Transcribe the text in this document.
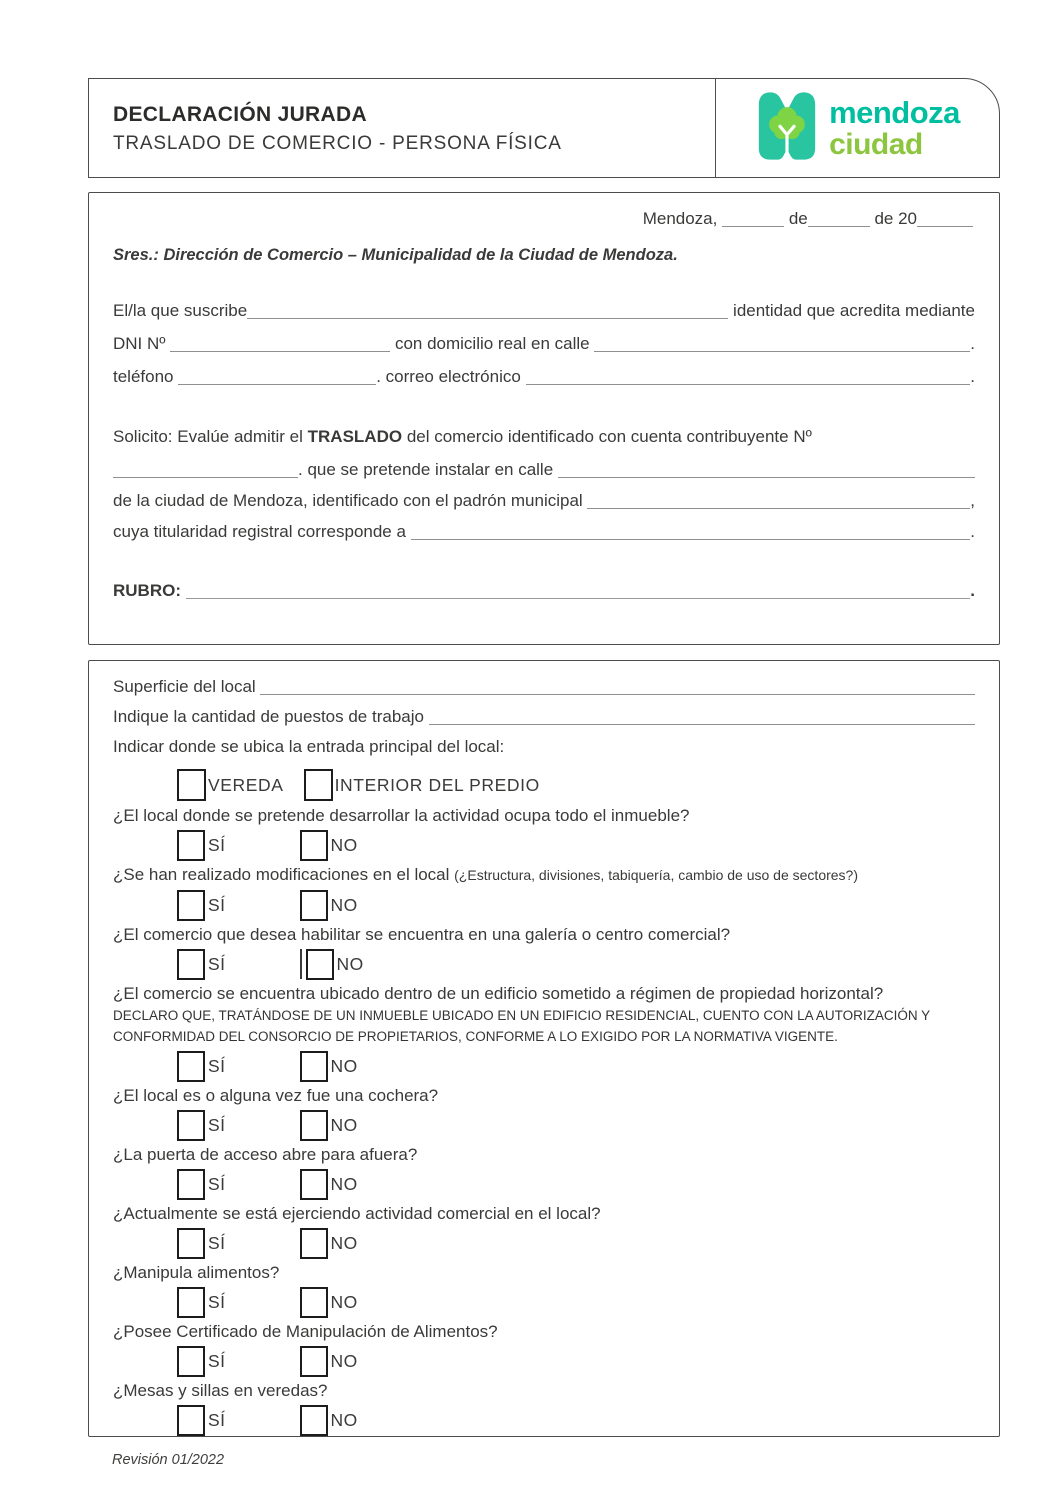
DECLARACIÓN JURADA
TRASLADO DE COMERCIO - PERSONA FÍSICA
mendoza
ciudad
Mendoza,	de	de 20
Sres.: Dirección de Comercio – Municipalidad de la Ciudad de Mendoza.
El/la que suscribe	identidad que acredita mediante
DNI Nº	con domicilio real en calle	.
teléfono	. correo electrónico	.
Solicito: Evalúe admitir el TRASLADO del comercio identificado con cuenta contribuyente Nº
. que se pretende instalar en calle
de la ciudad de Mendoza, identificado con el padrón municipal	,
cuya titularidad registral corresponde a	.
RUBRO:	.
Superficie del local
Indique la cantidad de puestos de trabajo
Indicar donde se ubica la entrada principal del local:
VEREDA	INTERIOR DEL PREDIO
¿El local donde se pretende desarrollar la actividad ocupa todo el inmueble?
SÍ	NO
¿Se han realizado modificaciones en el local (¿Estructura, divisiones, tabiquería, cambio de uso de sectores?)
SÍ	NO
¿El comercio que desea habilitar se encuentra en una galería o centro comercial?
SÍ	NO
¿El comercio se encuentra ubicado dentro de un edificio sometido a régimen de propiedad horizontal?
DECLARO QUE, TRATÁNDOSE DE UN INMUEBLE UBICADO EN UN EDIFICIO RESIDENCIAL, CUENTO CON LA AUTORIZACIÓN Y CONFORMIDAD DEL CONSORCIO DE PROPIETARIOS, CONFORME A LO EXIGIDO POR LA NORMATIVA VIGENTE.
SÍ	NO
¿El local es o alguna vez fue una cochera?
SÍ	NO
¿La puerta de acceso abre para afuera?
SÍ	NO
¿Actualmente se está ejerciendo actividad comercial en el local?
SÍ	NO
¿Manipula alimentos?
SÍ	NO
¿Posee Certificado de Manipulación de Alimentos?
SÍ	NO
¿Mesas y sillas en veredas?
SÍ	NO
Revisión 01/2022
